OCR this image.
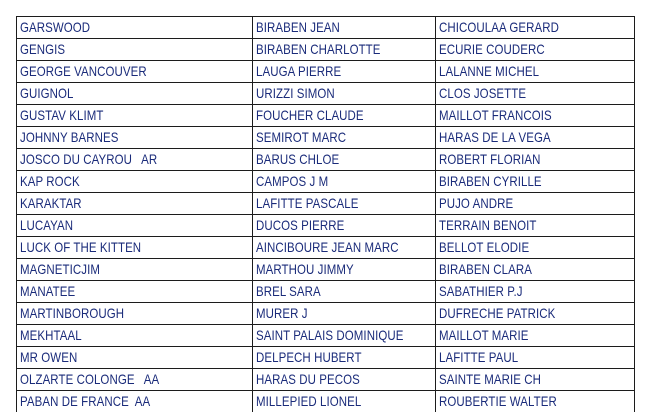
GARSWOOD	BIRABEN JEAN	CHICOULAA GERARD
GENGIS	BIRABEN CHARLOTTE	ECURIE COUDERC
GEORGE VANCOUVER	LAUGA PIERRE	LALANNE MICHEL
GUIGNOL	URIZZI SIMON	CLOS JOSETTE
GUSTAV KLIMT	FOUCHER CLAUDE	MAILLOT FRANCOIS
JOHNNY BARNES	SEMIROT MARC	HARAS DE LA VEGA
JOSCO DU CAYROU   AR	BARUS CHLOE	ROBERT FLORIAN
KAP ROCK	CAMPOS J M	BIRABEN CYRILLE
KARAKTAR	LAFITTE PASCALE	PUJO ANDRE
LUCAYAN	DUCOS PIERRE	TERRAIN BENOIT
LUCK OF THE KITTEN	AINCIBOURE JEAN MARC	BELLOT ELODIE
MAGNETICJIM	MARTHOU JIMMY	BIRABEN CLARA
MANATEE	BREL SARA	SABATHIER P.J
MARTINBOROUGH	MURER J	DUFRECHE PATRICK
MEKHTAAL	SAINT PALAIS DOMINIQUE	MAILLOT MARIE
MR OWEN	DELPECH HUBERT	LAFITTE PAUL
OLZARTE COLONGE   AA	HARAS DU PECOS	SAINTE MARIE CH
PABAN DE FRANCE  AA	MILLEPIED LIONEL	ROUBERTIE WALTER
